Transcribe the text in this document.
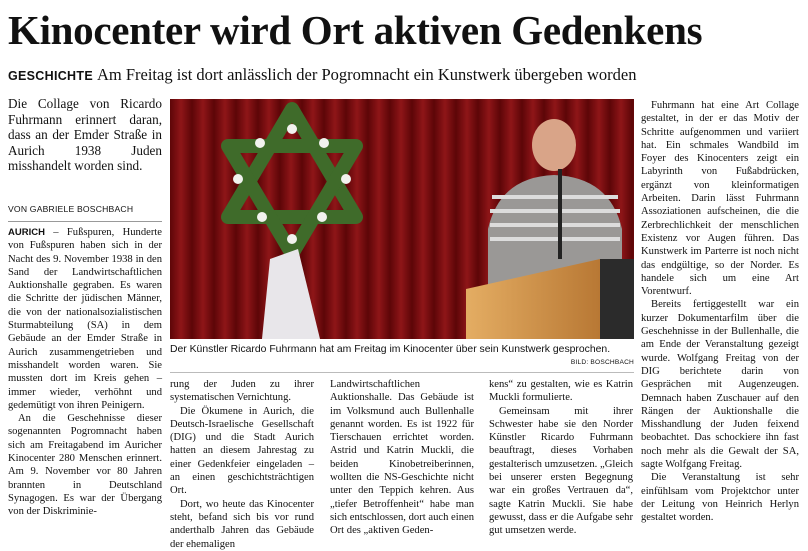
Kinocenter wird Ort aktiven Gedenkens
GESCHICHTE Am Freitag ist dort anlässlich der Pogromnacht ein Kunstwerk übergeben worden

Die Collage von Ricardo Fuhrmann erinnert daran, dass an der Emder Straße in Aurich 1938 Juden misshandelt worden sind.

VON GABRIELE BOSCHBACH

AURICH – Fußspuren, Hunderte von Fußspuren haben sich in der Nacht des 9. November 1938 in den Sand der Landwirtschaftlichen Auktionshalle gegraben. Es waren die Schritte der jüdischen Männer, die von der nationalsozialistischen Sturmabteilung (SA) in dem Gebäude an der Emder Straße in Aurich zusammengetrieben und misshandelt worden waren. Sie mussten dort im Kreis gehen – immer wieder, verhöhnt und gedemütigt von ihren Peinigern.

An die Geschehnisse dieser sogenannten Pogromnacht haben sich am Freitagabend im Auricher Kinocenter 280 Menschen erinnert. Am 9. November vor 80 Jahren brannten in Deutschland Synagogen. Es war der Übergang von der Diskriminie-

Der Künstler Ricardo Fuhrmann hat am Freitag im Kinocenter über sein Kunstwerk gesprochen.
BILD: BOSCHBACH

rung der Juden zu ihrer systematischen Vernichtung.

Die Ökumene in Aurich, die Deutsch-Israelische Gesellschaft (DIG) und die Stadt Aurich hatten an diesem Jahrestag zu einer Gedenkfeier eingeladen – an einen geschichtsträchtigen Ort.

Dort, wo heute das Kinocenter steht, befand sich bis vor rund anderthalb Jahren das Gebäude der ehemaligen

Landwirtschaftlichen Auktionshalle. Das Gebäude ist im Volksmund auch Bullenhalle genannt worden. Es ist 1922 für Tierschauen errichtet worden. Astrid und Katrin Muckli, die beiden Kinobetreiberinnen, wollten die NS-Geschichte nicht unter den Teppich kehren. Aus „tiefer Betroffenheit“ habe man sich entschlossen, dort auch einen Ort des „aktiven Geden-

kens“ zu gestalten, wie es Katrin Muckli formulierte.

Gemeinsam mit ihrer Schwester habe sie den Norder Künstler Ricardo Fuhrmann beauftragt, dieses Vorhaben gestalterisch umzusetzen. „Gleich bei unserer ersten Begegnung war ein großes Vertrauen da“, sagte Katrin Muckli. Sie habe gewusst, dass er die Aufgabe sehr gut umsetzen werde.

Fuhrmann hat eine Art Collage gestaltet, in der er das Motiv der Schritte aufgenommen und variiert hat. Ein schmales Wandbild im Foyer des Kinocenters zeigt ein Labyrinth von Fußabdrücken, ergänzt von kleinformatigen Arbeiten. Darin lässt Fuhrmann Assoziationen aufscheinen, die die Zerbrechlichkeit der menschlichen Existenz vor Augen führen. Das Kunstwerk im Parterre ist noch nicht das endgültige, so der Norder. Es handele sich um eine Art Vorentwurf.

Bereits fertiggestellt war ein kurzer Dokumentarfilm über die Geschehnisse in der Bullenhalle, die am Ende der Veranstaltung gezeigt wurde. Wolfgang Freitag von der DIG berichtete darin von Gesprächen mit Augenzeugen. Demnach haben Zuschauer auf den Rängen der Auktionshalle die Misshandlung der Juden feixend beobachtet. Das schockiere ihn fast noch mehr als die Gewalt der SA, sagte Wolfgang Freitag.

Die Veranstaltung ist sehr einfühlsam vom Projektchor unter der Leitung von Heinrich Herlyn gestaltet worden.
